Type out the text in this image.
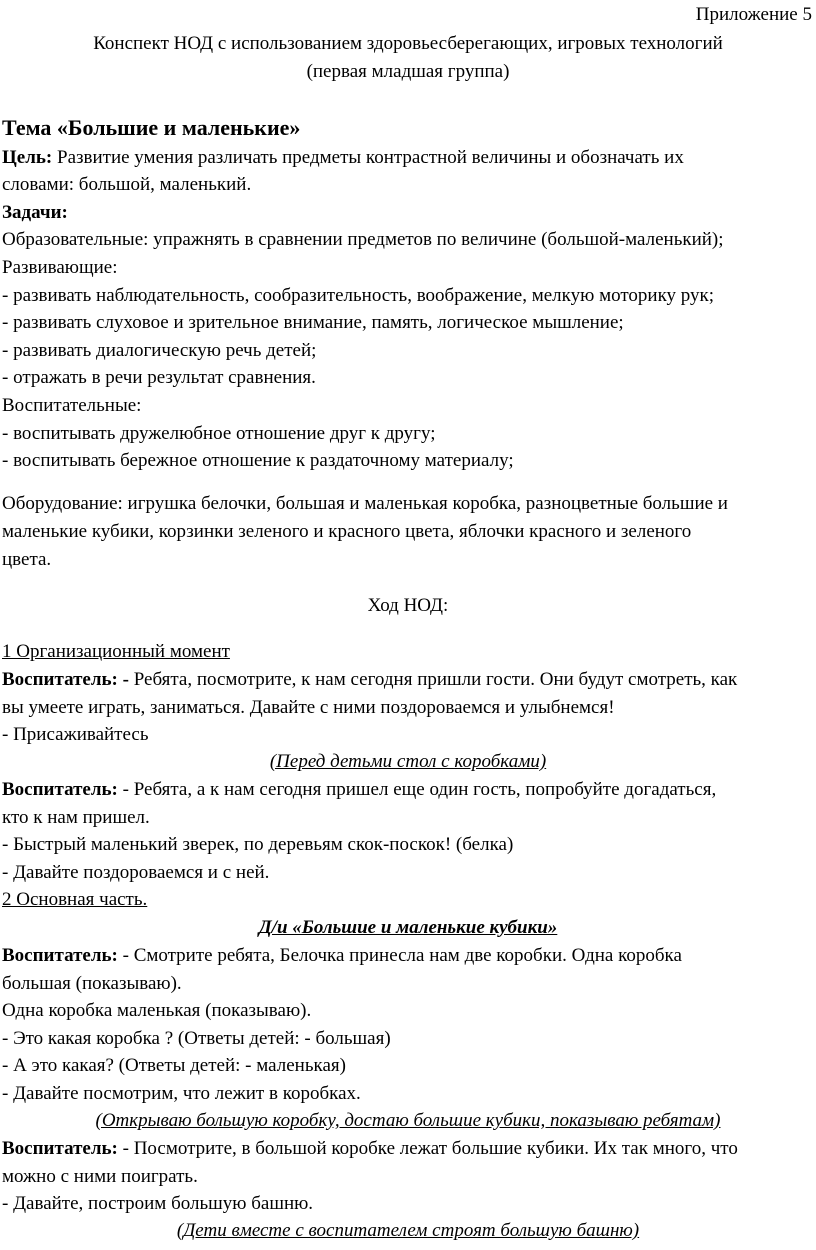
Приложение 5
Конспект НОД с использованием здоровьесберегающих, игровых технологий
(первая младшая группа)
Тема «Большие и маленькие»
Цель: Развитие умения различать предметы контрастной величины и обозначать их
словами: большой, маленький.
Задачи:
Образовательные: упражнять в сравнении предметов по величине (большой-маленький);
Развивающие:
- развивать наблюдательность, сообразительность, воображение, мелкую моторику рук;
- развивать слуховое и зрительное внимание, память, логическое мышление;
- развивать диалогическую речь детей;
- отражать в речи результат сравнения.
Воспитательные:
- воспитывать дружелюбное отношение друг к другу;
- воспитывать бережное отношение к раздаточному материалу;
Оборудование: игрушка белочки, большая и маленькая коробка, разноцветные большие и
маленькие кубики, корзинки зеленого и красного цвета, яблочки красного и зеленого
цвета.
Ход НОД:
1 Организационный момент
Воспитатель: - Ребята, посмотрите, к нам сегодня пришли гости. Они будут смотреть, как
вы умеете играть, заниматься. Давайте с ними поздороваемся и улыбнемся!
- Присаживайтесь
(Перед детьми стол с коробками)
Воспитатель: - Ребята, а к нам сегодня пришел еще один гость, попробуйте догадаться,
кто к нам пришел.
- Быстрый маленький зверек, по деревьям скок-поскок! (белка)
- Давайте поздороваемся и с ней.
2 Основная часть.
Д/и «Большие и маленькие кубики»
Воспитатель: - Смотрите ребята, Белочка принесла нам две коробки. Одна коробка
большая (показываю).
Одна коробка маленькая (показываю).
- Это какая коробка ? (Ответы детей: - большая)
- А это какая? (Ответы детей: - маленькая)
- Давайте посмотрим, что лежит в коробках.
(Открываю большую коробку, достаю большие кубики, показываю ребятам)
Воспитатель: - Посмотрите, в большой коробке лежат большие кубики. Их так много, что
можно с ними поиграть.
- Давайте, построим большую башню.
(Дети вместе с воспитателем строят большую башню)
